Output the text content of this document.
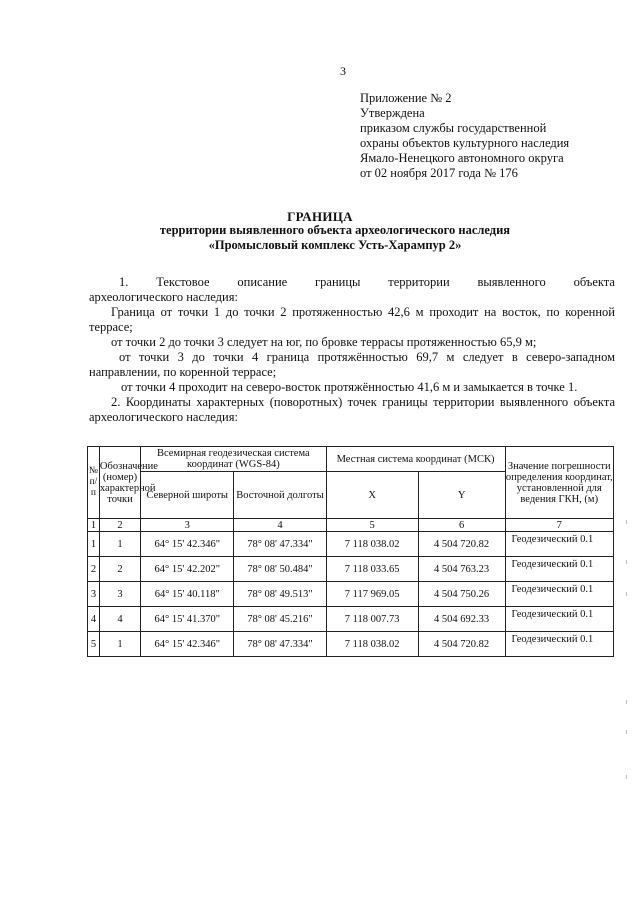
3
Приложение № 2
Утверждена
приказом службы государственной
охраны объектов культурного наследия
Ямало-Ненецкого автономного округа
от 02 ноября 2017 года № 176
ГРАНИЦА
территории выявленного объекта археологического наследия
«Промысловый комплекс Усть-Харампур 2»
1. Текстовое описание границы территории выявленного объекта

археологического наследия:

Граница от точки 1 до точки 2 протяженностью 42,6 м проходит на восток, по коренной террасе;

от точки 2 до точки 3 следует на юг, по бровке террасы протяженностью 65,9 м;

от точки 3 до точки 4 граница протяжённостью 69,7 м следует в северо-западном направлении, по коренной террасе;

от точки 4 проходит на северо-восток протяжённостью 41,6 м и замыкается в точке 1.

2. Координаты характерных (поворотных) точек границы территории выявленного объекта археологического наследия:

№ п/п	Обозначение (номер) характерной точки	Всемирная геодезическая система координат (WGS-84)		Местная система координат (МСК)		Значение погрешности определения координат, установленной для ведения ГКН, (м)
		Северной широты	Восточной долготы	X	Y	
1	2	3	4	5	6	7
1	1	64° 15' 42.346"	78° 08' 47.334"	7 118 038.02	4 504 720.82	Геодезический 0.1
2	2	64° 15' 42.202"	78° 08' 50.484"	7 118 033.65	4 504 763.23	Геодезический 0.1
3	3	64° 15' 40.118"	78° 08' 49.513"	7 117 969.05	4 504 750.26	Геодезический 0.1
4	4	64° 15' 41.370"	78° 08' 45.216"	7 118 007.73	4 504 692.33	Геодезический 0.1
5	1	64° 15' 42.346"	78° 08' 47.334"	7 118 038.02	4 504 720.82	Геодезический 0.1
